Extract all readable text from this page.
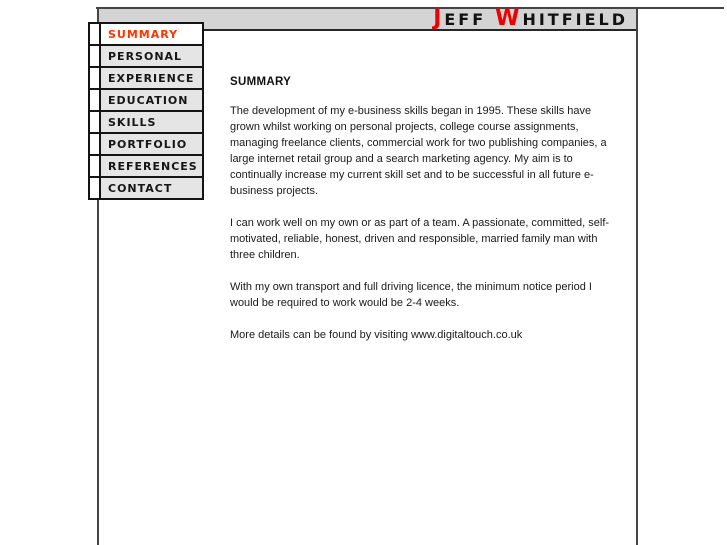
JEFF WHITFIELD
SUMMARY
PERSONAL
EXPERIENCE
EDUCATION
SKILLS
PORTFOLIO
REFERENCES
CONTACT
SUMMARY

The development of my e-business skills began in 1995. These skills have grown whilst working on personal projects, college course assignments, managing freelance clients, commercial work for two publishing companies, a large internet retail group and a search marketing agency. My aim is to continually increase my current skill set and to be successful in all future e-business projects.

I can work well on my own or as part of a team. A passionate, committed, self-motivated, reliable, honest, driven and responsible, married family man with three children.

With my own transport and full driving licence, the minimum notice period I would be required to work would be 2-4 weeks.

More details can be found by visiting www.digitaltouch.co.uk
